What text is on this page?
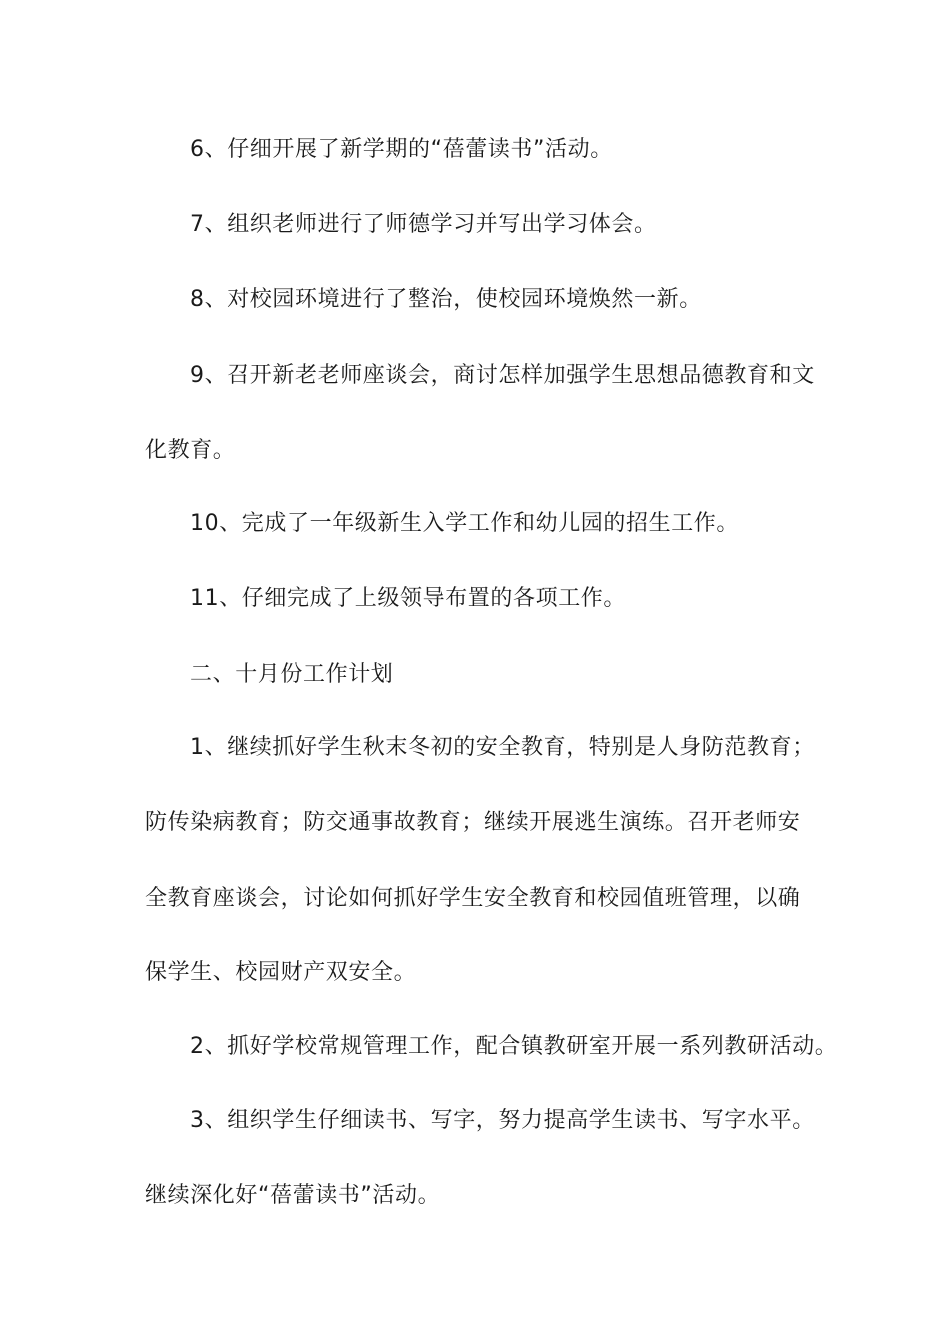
6、仔细开展了新学期的“蓓蕾读书”活动。
7、组织老师进行了师德学习并写出学习体会。
8、对校园环境进行了整治，使校园环境焕然一新。
9、召开新老老师座谈会，商讨怎样加强学生思想品德教育和文
化教育。
10、完成了一年级新生入学工作和幼儿园的招生工作。
11、仔细完成了上级领导布置的各项工作。
二、十月份工作计划
1、继续抓好学生秋末冬初的安全教育，特别是人身防范教育；
防传染病教育；防交通事故教育；继续开展逃生演练。召开老师安
全教育座谈会，讨论如何抓好学生安全教育和校园值班管理，以确
保学生、校园财产双安全。
2、抓好学校常规管理工作，配合镇教研室开展一系列教研活动。
3、组织学生仔细读书、写字，努力提高学生读书、写字水平。
继续深化好“蓓蕾读书”活动。
